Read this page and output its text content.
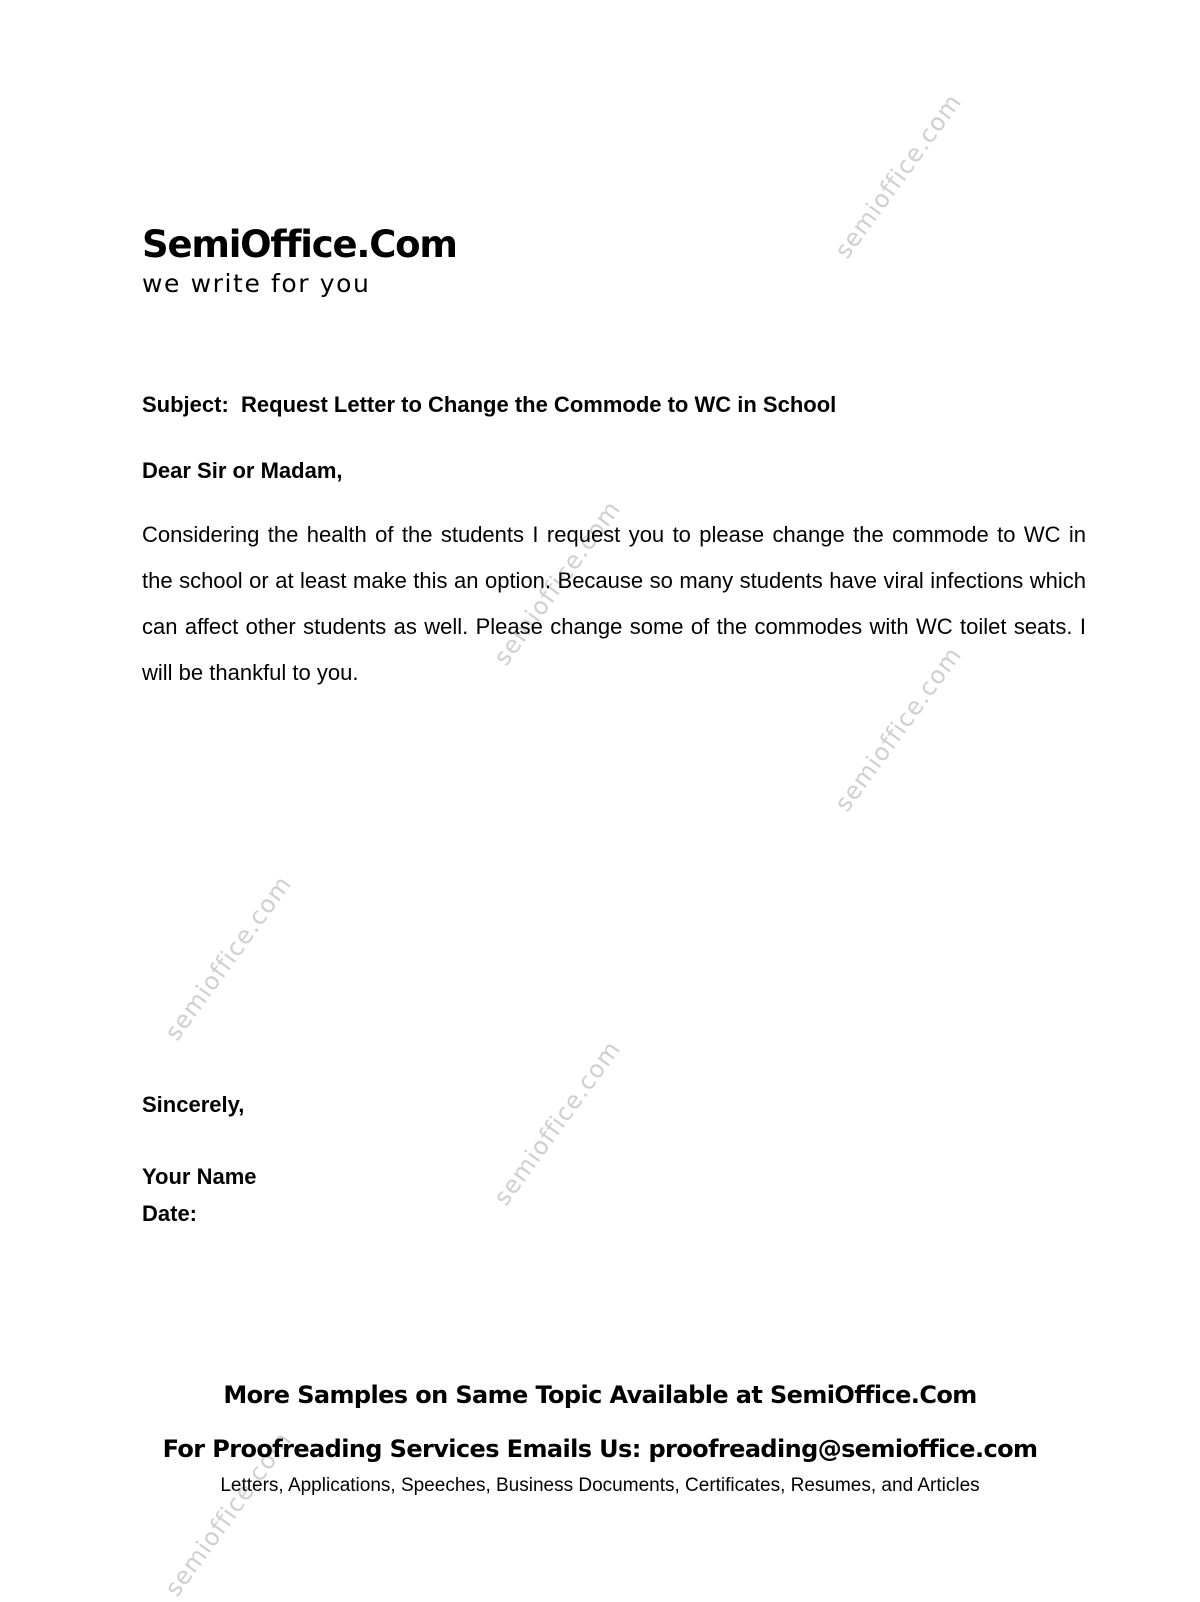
semioffice.com
semioffice.com
semioffice.com
semioffice.com
semioffice.com
semioffice.com
SemiOffice.Com
we write for you
Subject:  Request Letter to Change the Commode to WC in School
Dear Sir or Madam,
Considering the health of the students I request you to please change the commode to WC in the school or at least make this an option. Because so many students have viral infections which can affect other students as well. Please change some of the commodes with WC toilet seats. I will be thankful to you.
Sincerely,
Your Name
Date:
More Samples on Same Topic Available at SemiOffice.Com
For Proofreading Services Emails Us: proofreading@semioffice.com
Letters, Applications, Speeches, Business Documents, Certificates, Resumes, and Articles
